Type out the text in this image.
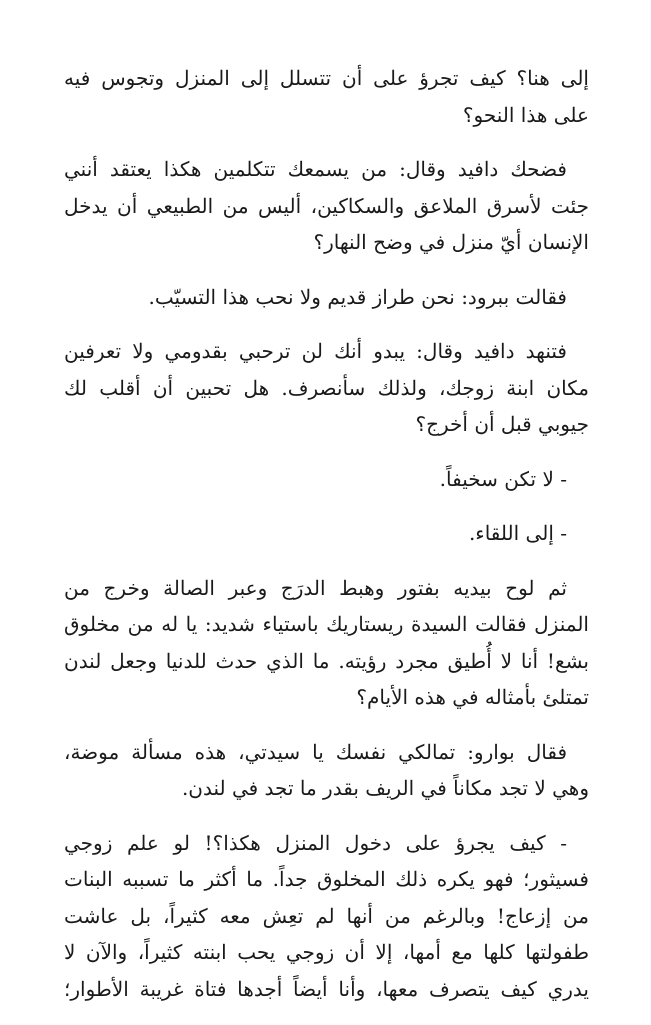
إلى هنا؟ كيف تجرؤ على أن تتسلل إلى المنزل وتجوس فيه
على هذا النحو؟

فضحك دافيد وقال: من يسمعك تتكلمين هكذا يعتقد أنني
جئت لأسرق الملاعق والسكاكين، أليس من الطبيعي أن يدخل
الإنسان أيّ منزل في وضح النهار؟

فقالت ببرود: نحن طراز قديم ولا نحب هذا التسيّب.

فتنهد دافيد وقال: يبدو أنك لن ترحبي بقدومي ولا تعرفين
مكان ابنة زوجك، ولذلك سأنصرف. هل تحبين أن أقلب لك
جيوبي قبل أن أخرج؟

- لا تكن سخيفاً.

- إلى اللقاء.

ثم لوح بيديه بفتور وهبط الدرَج وعبر الصالة وخرج من
المنزل فقالت السيدة ريستاريك باستياء شديد: يا له من مخلوق
بشع! أنا لا أُطيق مجرد رؤيته. ما الذي حدث للدنيا وجعل لندن
تمتلئ بأمثاله في هذه الأيام؟

فقال بوارو: تمالكي نفسك يا سيدتي، هذه مسألة موضة،
وهي لا تجد مكاناً في الريف بقدر ما تجد في لندن.

- كيف يجرؤ على دخول المنزل هكذا؟! لو علم زوجي
فسيثور؛ فهو يكره ذلك المخلوق جداً. ما أكثر ما تسببه البنات
من إزعاج! وبالرغم من أنها لم تعِش معه كثيراً، بل عاشت
طفولتها كلها مع أمها، إلا أن زوجي يحب ابنته كثيراً، والآن لا
يدري كيف يتصرف معها، وأنا أيضاً أجدها فتاة غريبة الأطوار؛
